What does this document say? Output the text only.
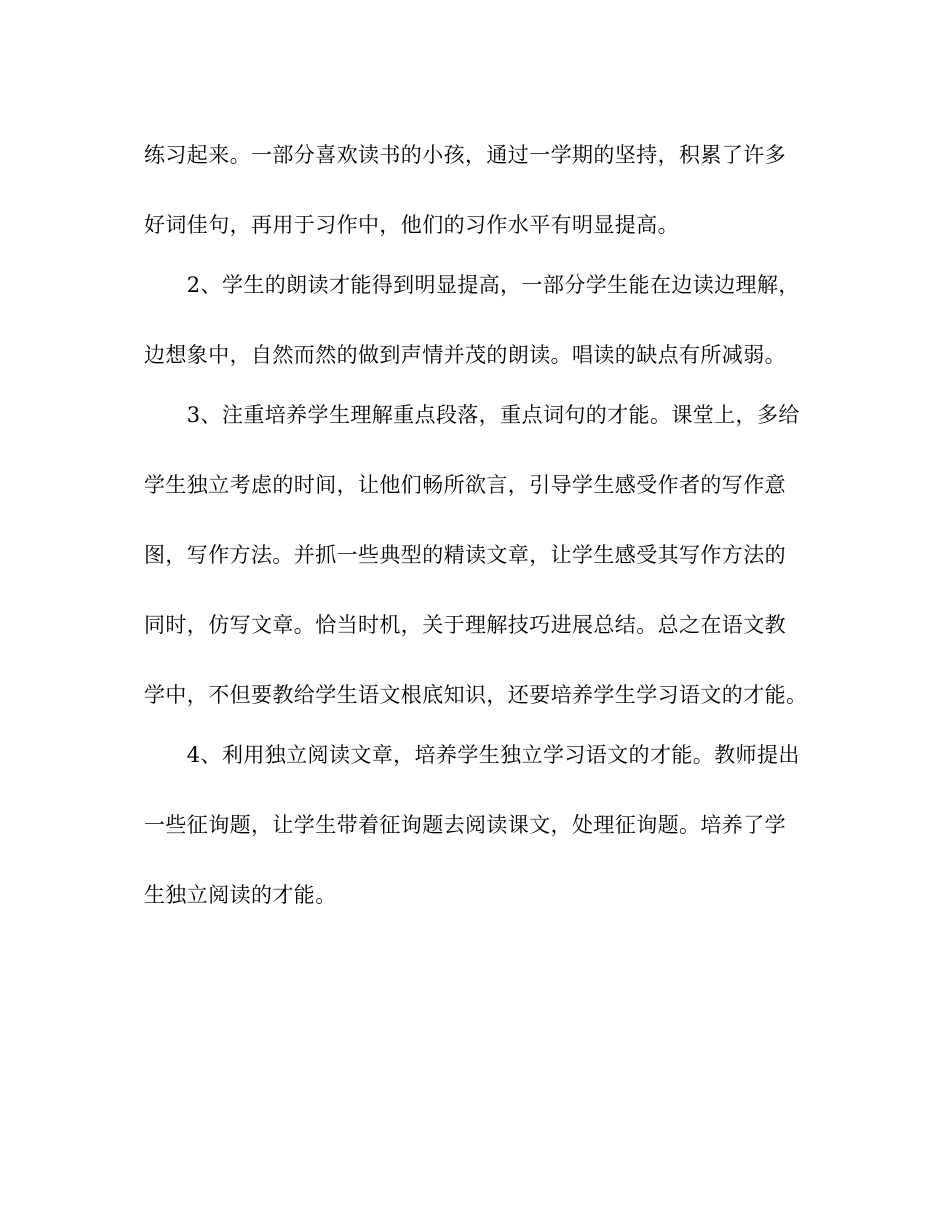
练习起来。一部分喜欢读书的小孩，通过一学期的坚持，积累了许多
好词佳句，再用于习作中，他们的习作水平有明显提高。
　　2、学生的朗读才能得到明显提高，一部分学生能在边读边理解，
边想象中，自然而然的做到声情并茂的朗读。唱读的缺点有所减弱。
　　3、注重培养学生理解重点段落，重点词句的才能。课堂上，多给
学生独立考虑的时间，让他们畅所欲言，引导学生感受作者的写作意
图，写作方法。并抓一些典型的精读文章，让学生感受其写作方法的
同时，仿写文章。恰当时机，关于理解技巧进展总结。总之在语文教
学中，不但要教给学生语文根底知识，还要培养学生学习语文的才能。
　　4、利用独立阅读文章，培养学生独立学习语文的才能。教师提出
一些征询题，让学生带着征询题去阅读课文，处理征询题。培养了学
生独立阅读的才能。
